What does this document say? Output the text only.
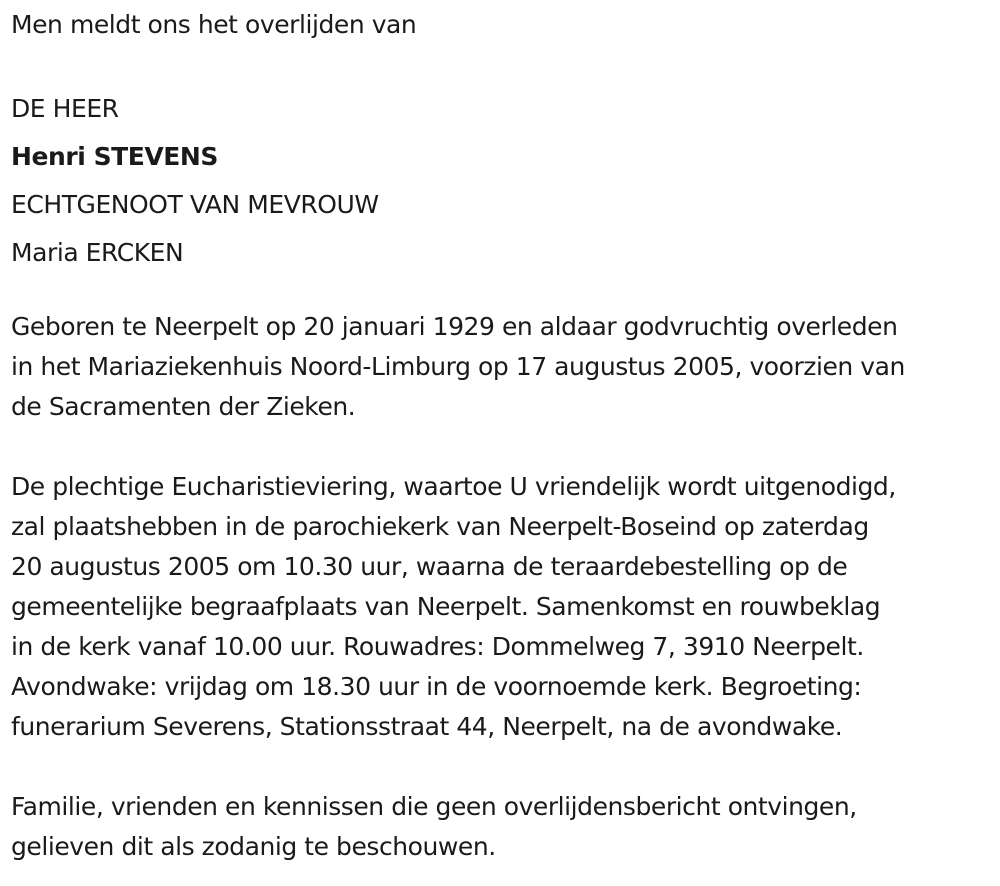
Men meldt ons het overlijden van

DE HEER

Henri STEVENS

ECHTGENOOT VAN MEVROUW

Maria ERCKEN

Geboren te Neerpelt op 20 januari 1929 en aldaar godvruchtig overleden
in het Mariaziekenhuis Noord-Limburg op 17 augustus 2005, voorzien van
de Sacramenten der Zieken.
De plechtige Eucharistieviering, waartoe U vriendelijk wordt uitgenodigd,
zal plaatshebben in de parochiekerk van Neerpelt-Boseind op zaterdag
20 augustus 2005 om 10.30 uur, waarna de teraardebestelling op de
gemeentelijke begraafplaats van Neerpelt. Samenkomst en rouwbeklag
in de kerk vanaf 10.00 uur. Rouwadres: Dommelweg 7, 3910 Neerpelt.
Avondwake: vrijdag om 18.30 uur in de voornoemde kerk. Begroeting:
funerarium Severens, Stationsstraat 44, Neerpelt, na de avondwake.
Familie, vrienden en kennissen die geen overlijdensbericht ontvingen,
gelieven dit als zodanig te beschouwen.
